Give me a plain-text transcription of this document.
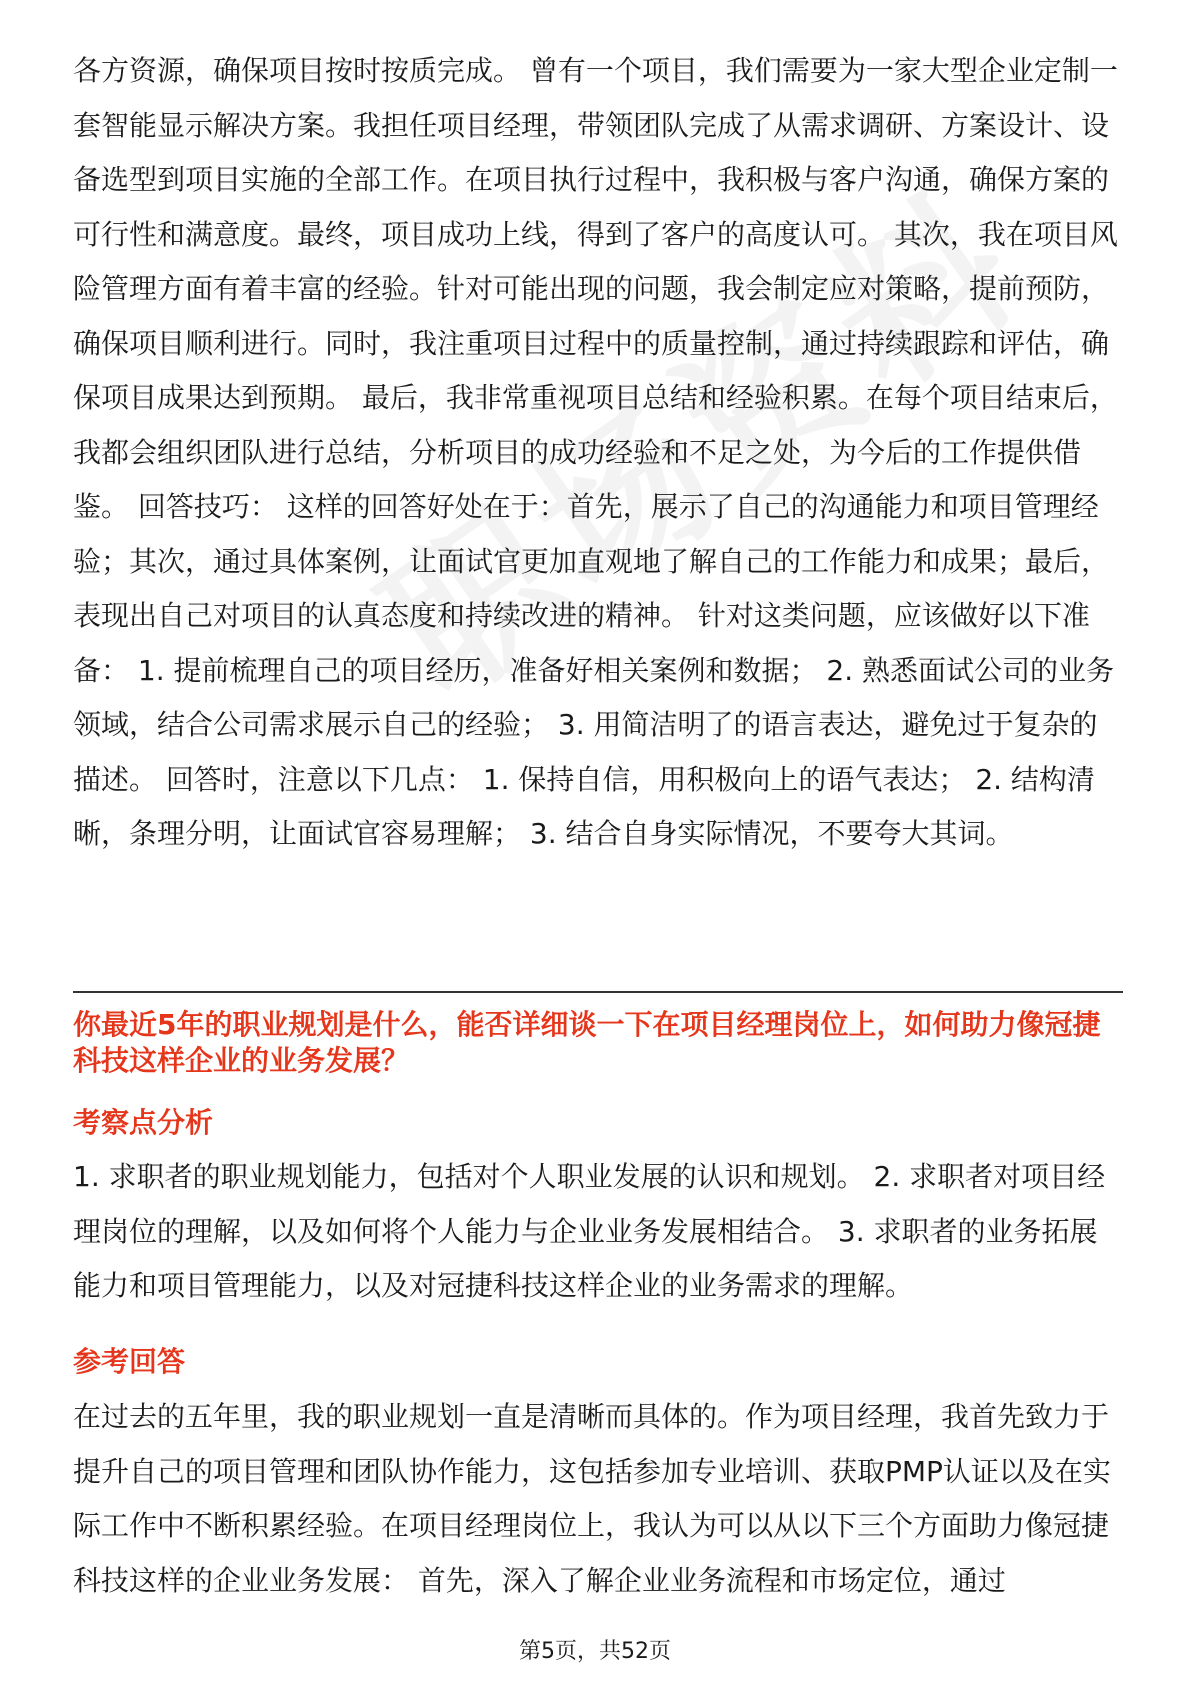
各方资源，确保项目按时按质完成。 曾有一个项目，我们需要为一家大型企业定制一套智能显示解决方案。我担任项目经理，带领团队完成了从需求调研、方案设计、设备选型到项目实施的全部工作。在项目执行过程中，我积极与客户沟通，确保方案的可行性和满意度。最终，项目成功上线，得到了客户的高度认可。 其次，我在项目风险管理方面有着丰富的经验。针对可能出现的问题，我会制定应对策略，提前预防，确保项目顺利进行。同时，我注重项目过程中的质量控制，通过持续跟踪和评估，确保项目成果达到预期。 最后，我非常重视项目总结和经验积累。在每个项目结束后，我都会组织团队进行总结，分析项目的成功经验和不足之处，为今后的工作提供借鉴。 回答技巧： 这样的回答好处在于：首先，展示了自己的沟通能力和项目管理经验；其次，通过具体案例，让面试官更加直观地了解自己的工作能力和成果；最后，表现出自己对项目的认真态度和持续改进的精神。 针对这类问题，应该做好以下准备： 1. 提前梳理自己的项目经历，准备好相关案例和数据； 2. 熟悉面试公司的业务领域，结合公司需求展示自己的经验； 3. 用简洁明了的语言表达，避免过于复杂的描述。 回答时，注意以下几点： 1. 保持自信，用积极向上的语气表达； 2. 结构清晰，条理分明，让面试官容易理解； 3. 结合自身实际情况，不要夸大其词。

你最近5年的职业规划是什么，能否详细谈一下在项目经理岗位上，如何助力像冠捷科技这样企业的业务发展？
考察点分析

1. 求职者的职业规划能力，包括对个人职业发展的认识和规划。 2. 求职者对项目经理岗位的理解，以及如何将个人能力与企业业务发展相结合。 3. 求职者的业务拓展能力和项目管理能力，以及对冠捷科技这样企业的业务需求的理解。

参考回答

在过去的五年里，我的职业规划一直是清晰而具体的。作为项目经理，我首先致力于提升自己的项目管理和团队协作能力，这包括参加专业培训、获取PMP认证以及在实际工作中不断积累经验。在项目经理岗位上，我认为可以从以下三个方面助力像冠捷科技这样的企业业务发展： 首先，深入了解企业业务流程和市场定位，通过

第5页，共52页
